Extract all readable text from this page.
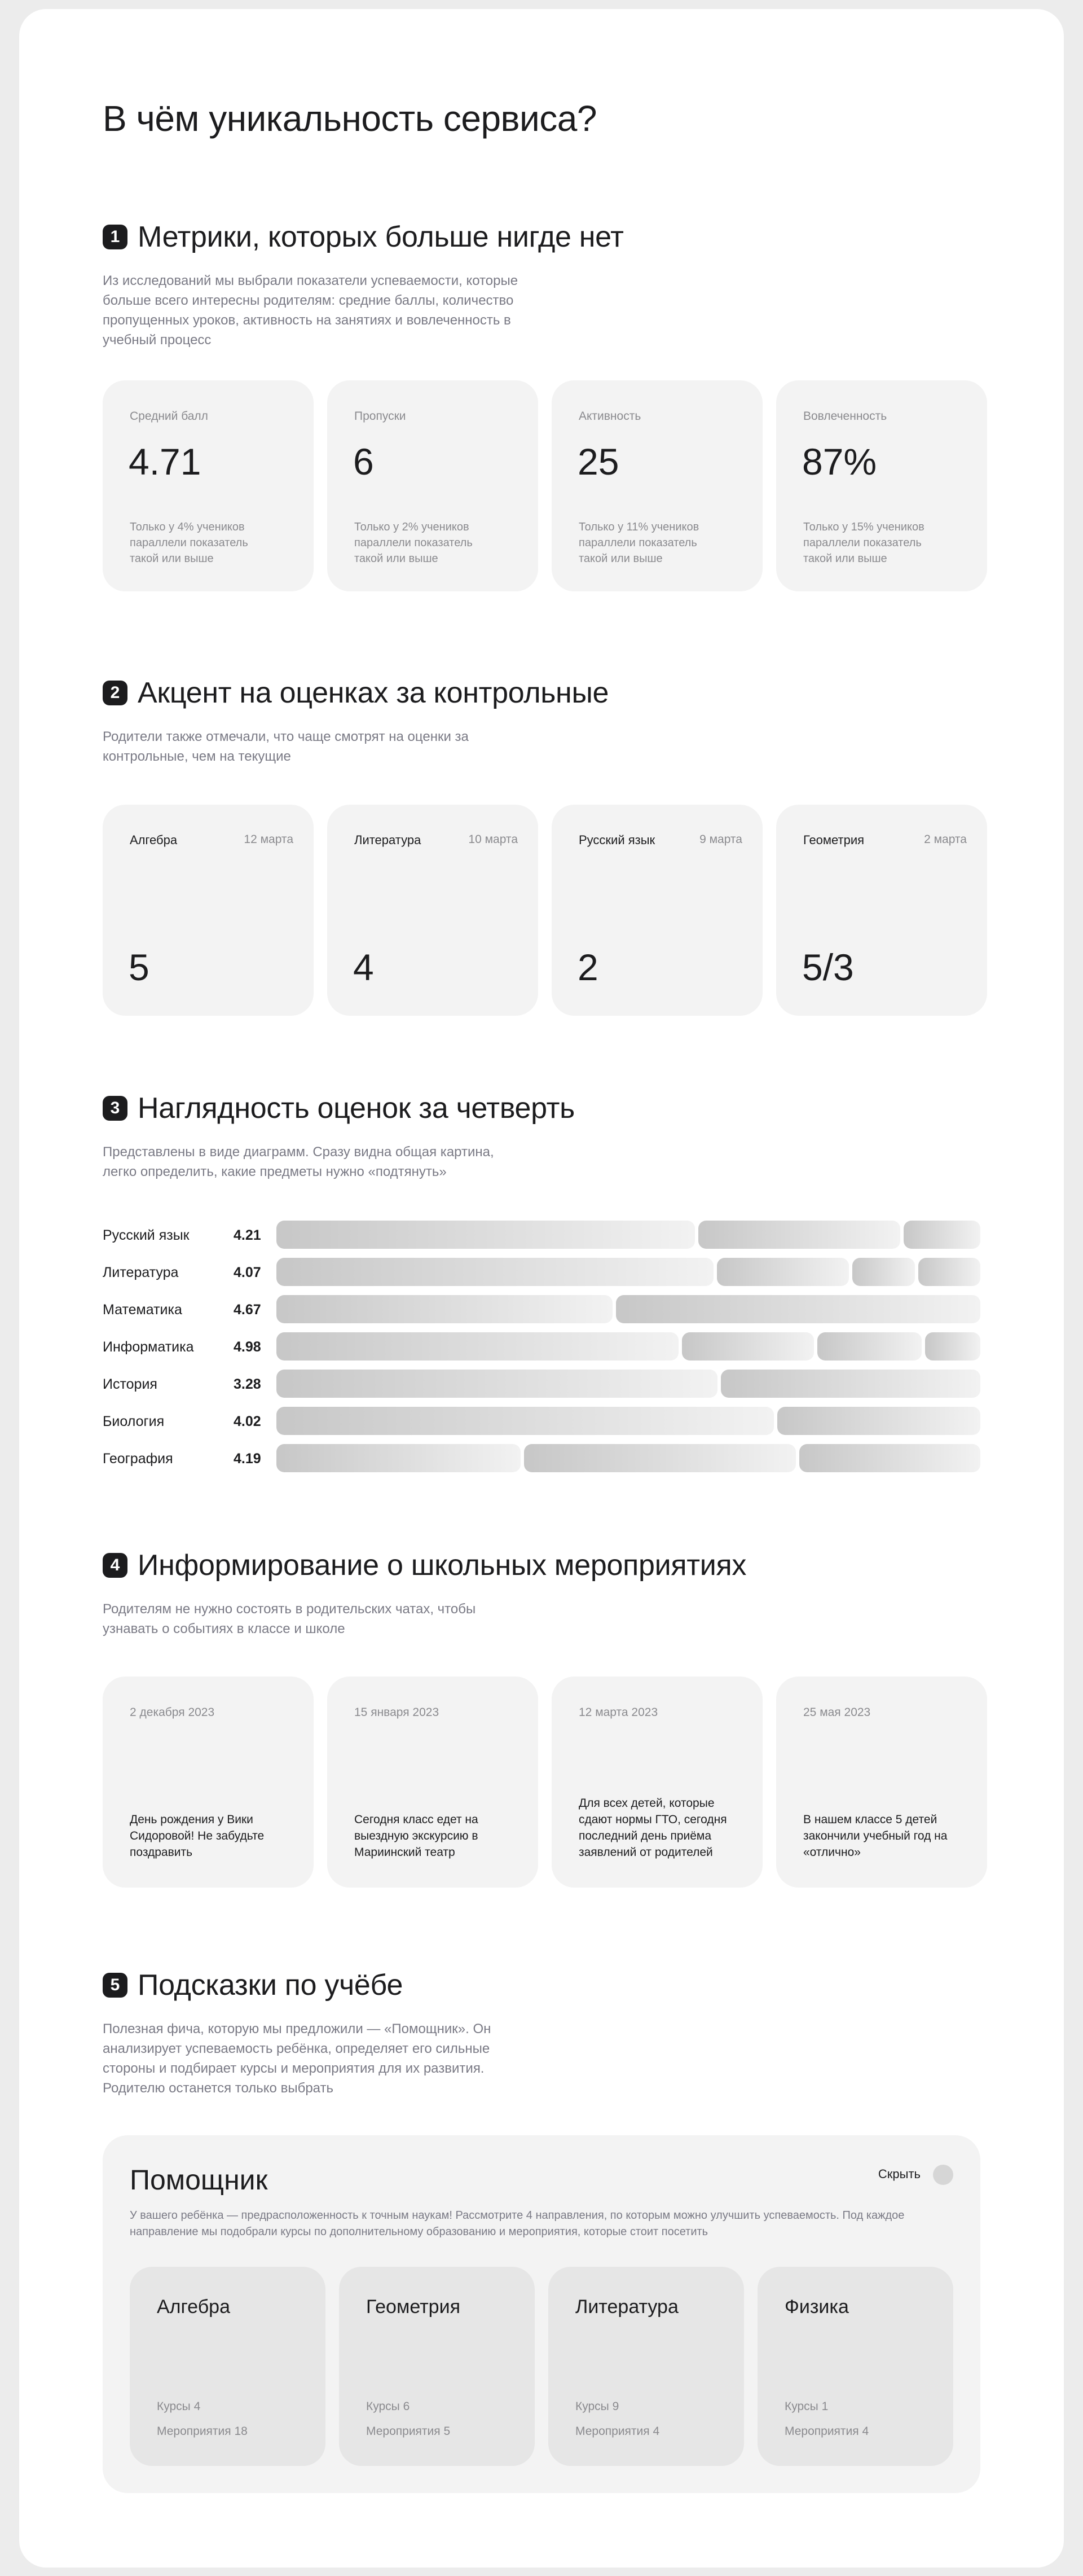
В чём уникальность сервиса?
1 Метрики, которых больше нигде нет
Из исследований мы выбрали показатели успеваемости, которые больше всего интересны родителям: средние баллы, количество пропущенных уроков, активность на занятиях и вовлеченность в учебный процесс
Средний балл
4.71
Только у 4% учеников параллели показатель такой или выше
Пропуски
6
Только у 2% учеников параллели показатель такой или выше
Активность
25
Только у 11% учеников параллели показатель такой или выше
Вовлеченность
87%
Только у 15% учеников параллели показатель такой или выше
2 Акцент на оценках за контрольные
Родители также отмечали, что чаще смотрят на оценки за контрольные, чем на текущие
Алгебра	12 марта
5
Литература	10 марта
4
Русский язык	9 марта
2
Геометрия	2 марта
5/3
3 Наглядность оценок за четверть
Представлены в виде диаграмм. Сразу видна общая картина, легко определить, какие предметы нужно «подтянуть»
Русский язык	4.21
Литература	4.07
Математика	4.67
Информатика	4.98
История	3.28
Биология	4.02
География	4.19
4 Информирование о школьных мероприятиях
Родителям не нужно состоять в родительских чатах, чтобы узнавать о событиях в классе и школе
2 декабря 2023
День рождения у Вики Сидоровой! Не забудьте поздравить
15 января 2023
Сегодня класс едет на выездную экскурсию в Мариинский театр
12 марта 2023
Для всех детей, которые сдают нормы ГТО, сегодня последний день приёма заявлений от родителей
25 мая 2023
В нашем классе 5 детей закончили учебный год на «отлично»
5 Подсказки по учёбе
Полезная фича, которую мы предложили — «Помощник». Он анализирует успеваемость ребёнка, определяет его сильные стороны и подбирает курсы и мероприятия для их развития. Родителю останется только выбрать
Помощник	Скрыть
У вашего ребёнка — предрасположенность к точным наукам! Рассмотрите 4 направления, по которым можно улучшить успеваемость. Под каждое направление мы подобрали курсы по дополнительному образованию и мероприятия, которые стоит посетить
Алгебра
Курсы 4
Мероприятия 18
Геометрия
Курсы 6
Мероприятия 5
Литература
Курсы 9
Мероприятия 4
Физика
Курсы 1
Мероприятия 4
